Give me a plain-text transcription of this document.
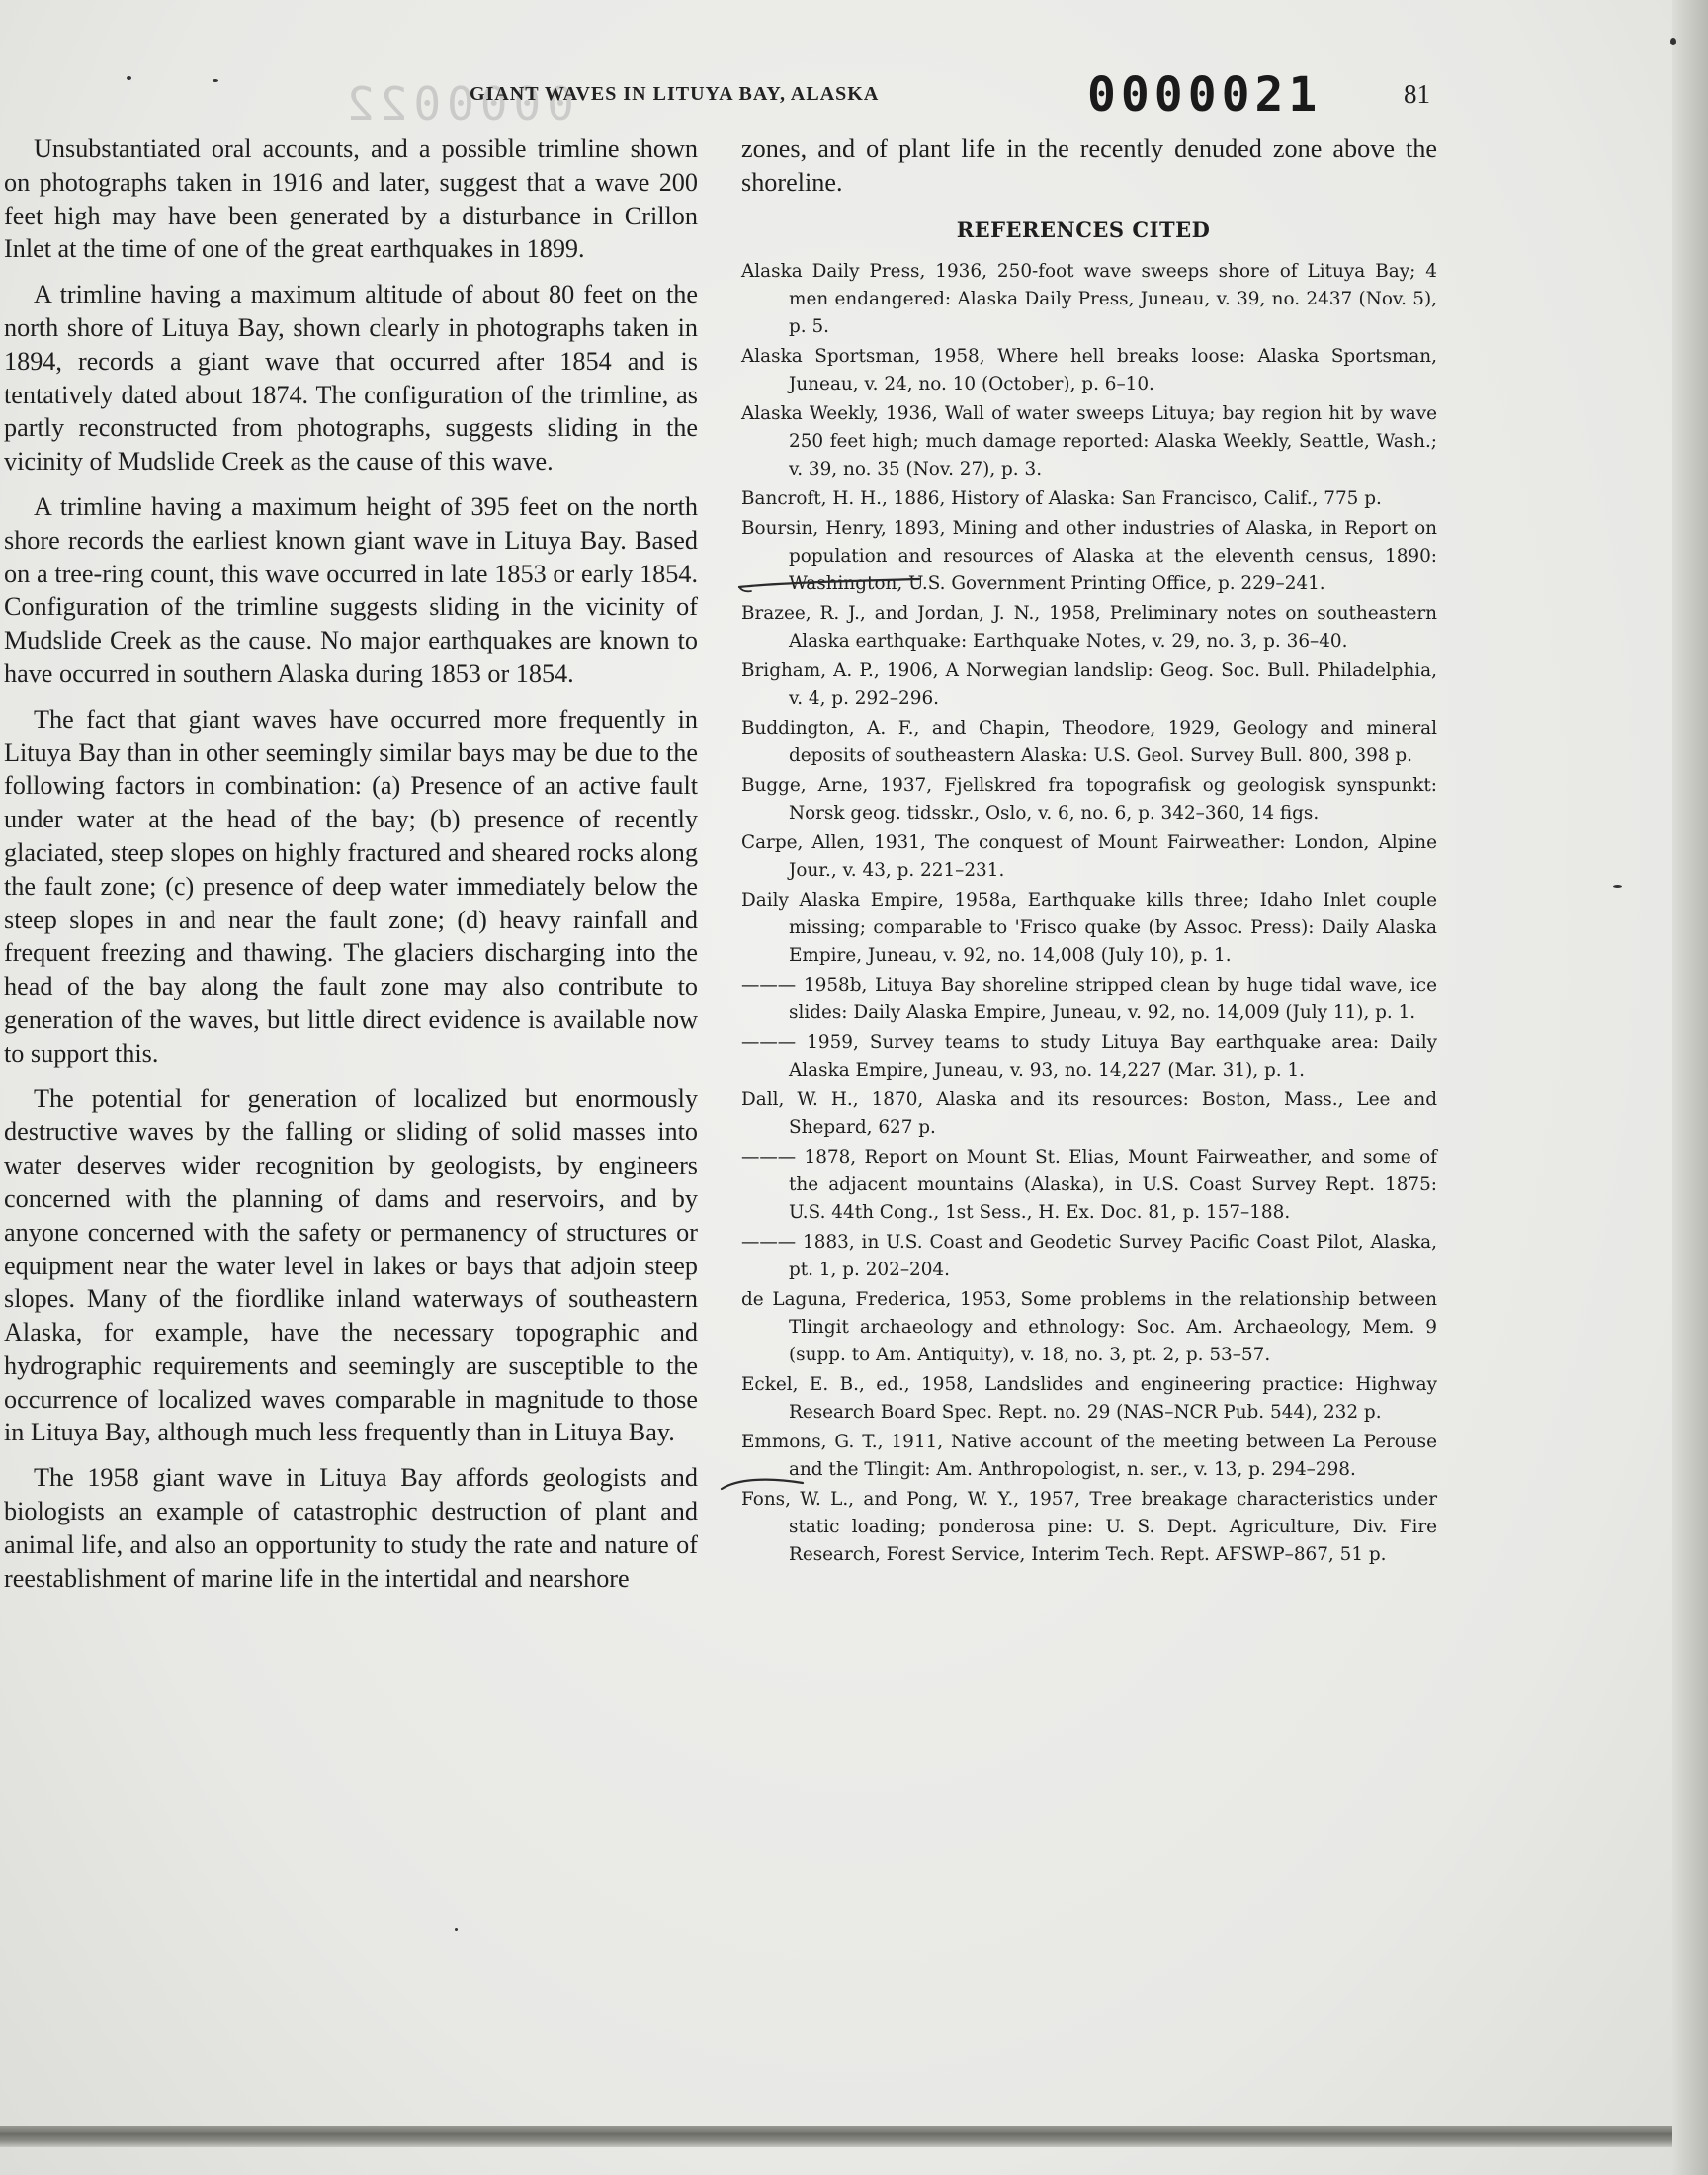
0000022
GIANT WAVES IN LITUYA BAY, ALASKA	0000021	81

Unsubstantiated oral accounts, and a possible trimline shown on photographs taken in 1916 and later, suggest that a wave 200 feet high may have been generated by a disturbance in Crillon Inlet at the time of one of the great earthquakes in 1899.

A trimline having a maximum altitude of about 80 feet on the north shore of Lituya Bay, shown clearly in photographs taken in 1894, records a giant wave that occurred after 1854 and is tentatively dated about 1874. The configuration of the trimline, as partly reconstructed from photographs, suggests sliding in the vicinity of Mudslide Creek as the cause of this wave.

A trimline having a maximum height of 395 feet on the north shore records the earliest known giant wave in Lituya Bay. Based on a tree-ring count, this wave occurred in late 1853 or early 1854. Configuration of the trimline suggests sliding in the vicinity of Mudslide Creek as the cause. No major earthquakes are known to have occurred in southern Alaska during 1853 or 1854.

The fact that giant waves have occurred more frequently in Lituya Bay than in other seemingly similar bays may be due to the following factors in combination: (a) Presence of an active fault under water at the head of the bay; (b) presence of recently glaciated, steep slopes on highly fractured and sheared rocks along the fault zone; (c) presence of deep water immediately below the steep slopes in and near the fault zone; (d) heavy rainfall and frequent freezing and thawing. The glaciers discharging into the head of the bay along the fault zone may also contribute to generation of the waves, but little direct evidence is available now to support this.

The potential for generation of localized but enormously destructive waves by the falling or sliding of solid masses into water deserves wider recognition by geologists, by engineers concerned with the planning of dams and reservoirs, and by anyone concerned with the safety or permanency of structures or equipment near the water level in lakes or bays that adjoin steep slopes. Many of the fiordlike inland waterways of southeastern Alaska, for example, have the necessary topographic and hydrographic requirements and seemingly are susceptible to the occurrence of localized waves comparable in magnitude to those in Lituya Bay, although much less frequently than in Lituya Bay.

The 1958 giant wave in Lituya Bay affords geologists and biologists an example of catastrophic destruction of plant and animal life, and also an opportunity to study the rate and nature of reestablishment of marine life in the intertidal and nearshore

zones, and of plant life in the recently denuded zone above the shoreline.
REFERENCES CITED
Alaska Daily Press, 1936, 250-foot wave sweeps shore of Lituya Bay; 4 men endangered: Alaska Daily Press, Juneau, v. 39, no. 2437 (Nov. 5), p. 5.
Alaska Sportsman, 1958, Where hell breaks loose: Alaska Sportsman, Juneau, v. 24, no. 10 (October), p. 6–10.
Alaska Weekly, 1936, Wall of water sweeps Lituya; bay region hit by wave 250 feet high; much damage reported: Alaska Weekly, Seattle, Wash.; v. 39, no. 35 (Nov. 27), p. 3.
Bancroft, H. H., 1886, History of Alaska: San Francisco, Calif., 775 p.
Boursin, Henry, 1893, Mining and other industries of Alaska, in Report on population and resources of Alaska at the eleventh census, 1890: Washington, U.S. Government Printing Office, p. 229–241.
Brazee, R. J., and Jordan, J. N., 1958, Preliminary notes on southeastern Alaska earthquake: Earthquake Notes, v. 29, no. 3, p. 36–40.
Brigham, A. P., 1906, A Norwegian landslip: Geog. Soc. Bull. Philadelphia, v. 4, p. 292–296.
Buddington, A. F., and Chapin, Theodore, 1929, Geology and mineral deposits of southeastern Alaska: U.S. Geol. Survey Bull. 800, 398 p.
Bugge, Arne, 1937, Fjellskred fra topografisk og geologisk synspunkt: Norsk geog. tidsskr., Oslo, v. 6, no. 6, p. 342–360, 14 figs.
Carpe, Allen, 1931, The conquest of Mount Fairweather: London, Alpine Jour., v. 43, p. 221–231.
Daily Alaska Empire, 1958a, Earthquake kills three; Idaho Inlet couple missing; comparable to 'Frisco quake (by Assoc. Press): Daily Alaska Empire, Juneau, v. 92, no. 14,008 (July 10), p. 1.
——— 1958b, Lituya Bay shoreline stripped clean by huge tidal wave, ice slides: Daily Alaska Empire, Juneau, v. 92, no. 14,009 (July 11), p. 1.
——— 1959, Survey teams to study Lituya Bay earthquake area: Daily Alaska Empire, Juneau, v. 93, no. 14,227 (Mar. 31), p. 1.
Dall, W. H., 1870, Alaska and its resources: Boston, Mass., Lee and Shepard, 627 p.
——— 1878, Report on Mount St. Elias, Mount Fairweather, and some of the adjacent mountains (Alaska), in U.S. Coast Survey Rept. 1875: U.S. 44th Cong., 1st Sess., H. Ex. Doc. 81, p. 157–188.
——— 1883, in U.S. Coast and Geodetic Survey Pacific Coast Pilot, Alaska, pt. 1, p. 202–204.
de Laguna, Frederica, 1953, Some problems in the relationship between Tlingit archaeology and ethnology: Soc. Am. Archaeology, Mem. 9 (supp. to Am. Antiquity), v. 18, no. 3, pt. 2, p. 53–57.
Eckel, E. B., ed., 1958, Landslides and engineering practice: Highway Research Board Spec. Rept. no. 29 (NAS–NCR Pub. 544), 232 p.
Emmons, G. T., 1911, Native account of the meeting between La Perouse and the Tlingit: Am. Anthropologist, n. ser., v. 13, p. 294–298.
Fons, W. L., and Pong, W. Y., 1957, Tree breakage characteristics under static loading; ponderosa pine: U. S. Dept. Agriculture, Div. Fire Research, Forest Service, Interim Tech. Rept. AFSWP–867, 51 p.
